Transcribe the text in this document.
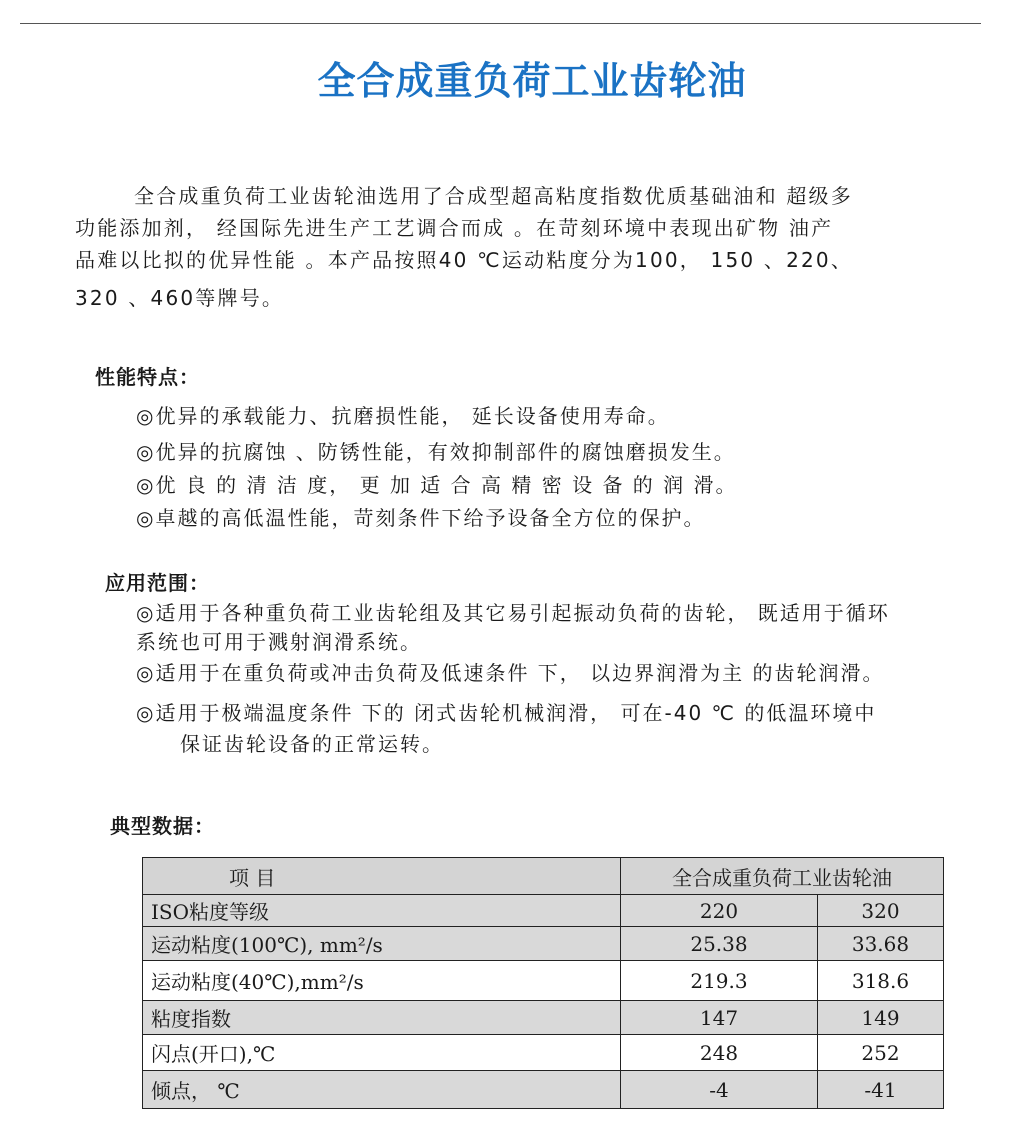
全合成重负荷工业齿轮油
全合成重负荷工业齿轮油选用了合成型超高粘度指数优质基础油和 超级多
功能添加剂， 经国际先进生产工艺调合而成 。在苛刻环境中表现出矿物 油产
品难以比拟的优异性能 。本产品按照40 ℃运动粘度分为100， 150 、220、
320 、460等牌号。
性能特点：
◎优异的承载能力、抗磨损性能， 延长设备使用寿命。
◎优异的抗腐蚀 、防锈性能，有效抑制部件的腐蚀磨损发生。
◎优 良 的 清 洁 度， 更 加 适 合 高 精 密 设 备 的 润 滑。
◎卓越的高低温性能，苛刻条件下给予设备全方位的保护。
应用范围：
◎适用于各种重负荷工业齿轮组及其它易引起振动负荷的齿轮， 既适用于循环
系统也可用于溅射润滑系统。
◎适用于在重负荷或冲击负荷及低速条件 下， 以边界润滑为主 的齿轮润滑。
◎适用于极端温度条件 下的 闭式齿轮机械润滑， 可在-40 ℃ 的低温环境中
保证齿轮设备的正常运转。
典型数据：
项 目	全合成重负荷工业齿轮油	
ISO粘度等级	220	320
运动粘度(100℃), mm²/s	25.38	33.68
运动粘度(40℃),mm²/s	219.3	318.6
粘度指数	147	149
闪点(开口),℃	248	252
倾点， ℃	-4	-41
